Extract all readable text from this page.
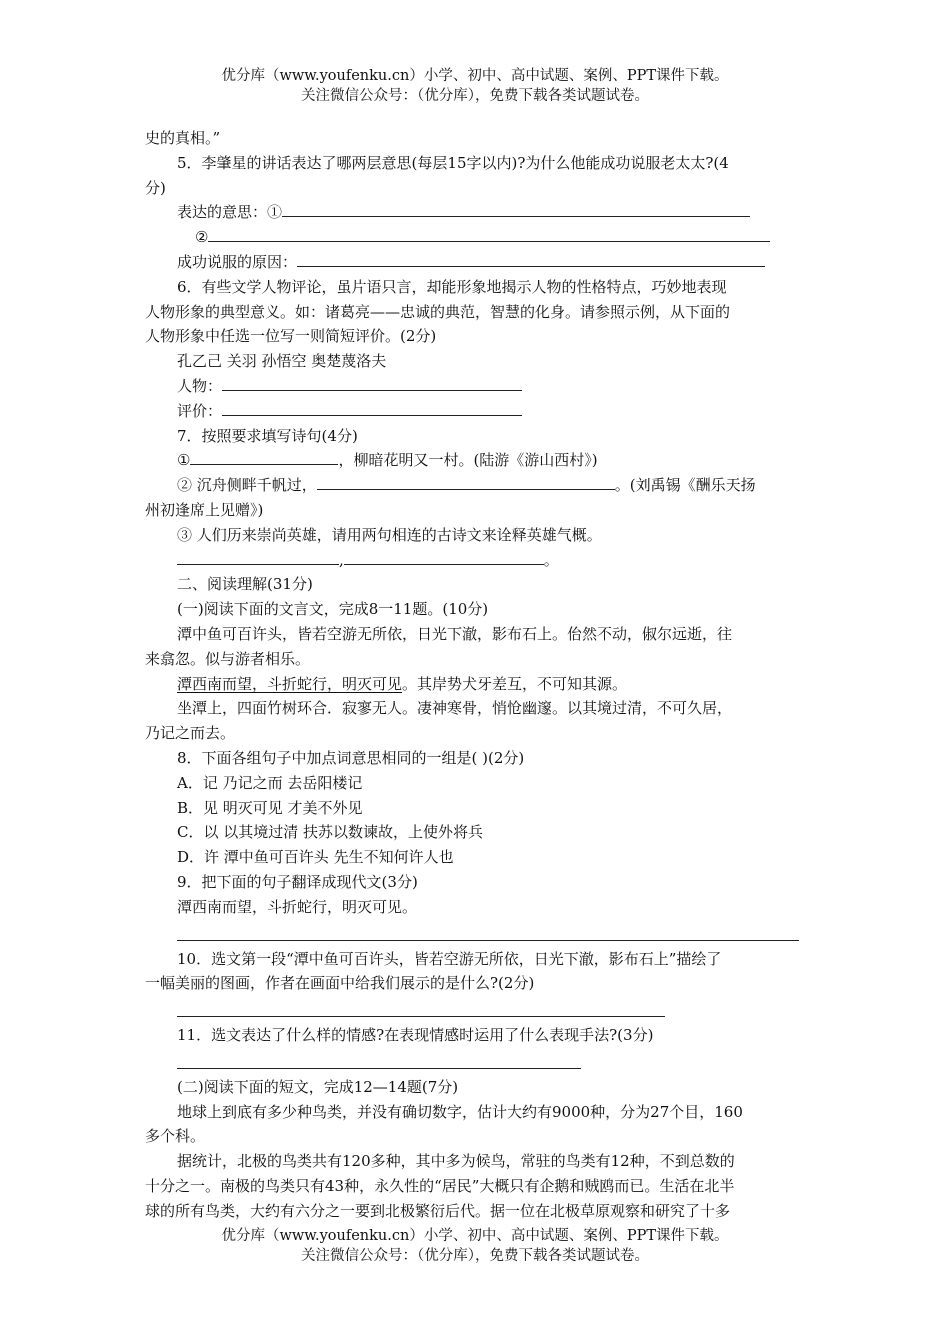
优分库（www.youfenku.cn）小学、初中、高中试题、案例、PPT课件下载。
关注微信公众号：（优分库），免费下载各类试题试卷。
史的真相。”
5．李肇星的讲话表达了哪两层意思(每层15字以内)?为什么他能成功说服老太太?(4
分)
表达的意思：①
②
成功说服的原因：
6．有些文学人物评论，虽片语只言，却能形象地揭示人物的性格特点，巧妙地表现
人物形象的典型意义。如：诸葛亮——忠诚的典范，智慧的化身。请参照示例，从下面的
人物形象中任选一位写一则简短评价。(2分)
孔乙己 关羽 孙悟空 奥楚蔑洛夫
人物：
评价：
7．按照要求填写诗句(4分)
①	，柳暗花明又一村。(陆游《游山西村》)
② 沉舟侧畔千帆过，	。(刘禹锡《酬乐天扬
州初逢席上见赠》)
③ 人们历来崇尚英雄，请用两句相连的古诗文来诠释英雄气概。
,	。
二、阅读理解(31分)
(一)阅读下面的文言文，完成8一11题。(10分)
潭中鱼可百许头，皆若空游无所依，日光下澈，影布石上。佁然不动，俶尔远逝，往
来翕忽。似与游者相乐。
潭西南而望，斗折蛇行，明灭可见。其岸势犬牙差互，不可知其源。
坐潭上，四面竹树环合．寂寥无人。凄神寒骨，悄怆幽邃。以其境过清，不可久居，
乃记之而去。
8．下面各组句子中加点词意思相同的一组是( )(2分)
A．记 乃记之而 去岳阳楼记
B．见 明灭可见 才美不外见
C．以 以其境过清 扶苏以数谏故，上使外将兵
D．许 潭中鱼可百许头 先生不知何许人也
9．把下面的句子翻译成现代文(3分)
潭西南而望，斗折蛇行，明灭可见。
10．选文第一段“潭中鱼可百许头，皆若空游无所依，日光下澈，影布石上”描绘了
一幅美丽的图画，作者在画面中给我们展示的是什么?(2分)
11．选文表达了什么样的情感?在表现情感时运用了什么表现手法?(3分)
(二)阅读下面的短文，完成12—14题(7分)
地球上到底有多少种鸟类，并没有确切数字，估计大约有9000种，分为27个目，160
多个科。
据统计，北极的鸟类共有120多种，其中多为候鸟，常驻的鸟类有12种，不到总数的
十分之一。南极的鸟类只有43种，永久性的“居民”大概只有企鹅和贼鸥而已。生活在北半
球的所有鸟类，大约有六分之一要到北极繁衍后代。据一位在北极草原观察和研究了十多
优分库（www.youfenku.cn）小学、初中、高中试题、案例、PPT课件下载。
关注微信公众号：（优分库），免费下载各类试题试卷。
